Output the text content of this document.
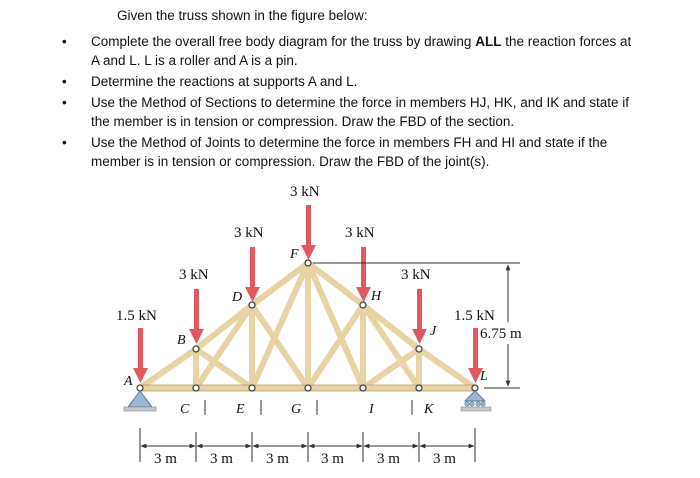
Given the truss shown in the figure below:
• Complete the overall free body diagram for the truss by drawing ALL the reaction forces at A and L. L is a roller and A is a pin.
• Determine the reactions at supports A and L.
• Use the Method of Sections to determine the force in members HJ, HK, and IK and state if the member is in tension or compression. Draw the FBD of the section.
• Use the Method of Joints to determine the force in members FH and HI and state if the member is in tension or compression. Draw the FBD of the joint(s).
3 kN
3 kN	3 kN
3 kN	3 kN
1.5 kN	1.5 kN
A
B
C
D
E
F
G
H
I
J
K
L
6.75 m
3 m 3 m 3 m 3 m 3 m 3 m
